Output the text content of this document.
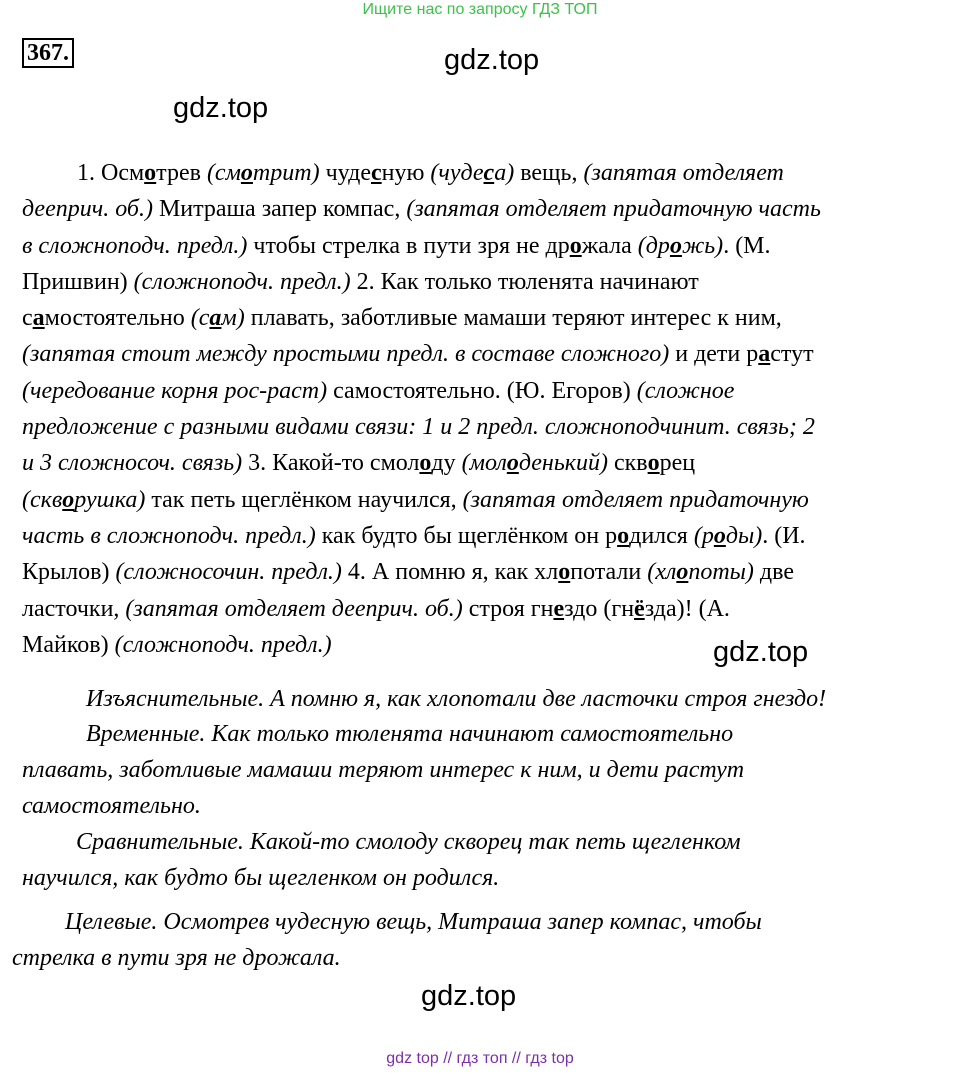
Ищите нас по запросу ГДЗ ТОП
367.	gdz.top
gdz.top
gdz.top
gdz.top
1. Осмотрев (смотрит) чудесную (чудеса) вещь, (запятая отделяет
деeприч. об.) Митраша запер компас, (запятая отделяет придаточную часть
в сложноподч. предл.) чтобы стрелка в пути зря не дрожала (дрожь). (М.
Пришвин) (сложноподч. предл.) 2. Как только тюленята начинают
самостоятельно (сам) плавать, заботливые мамаши теряют интерес к ним,
(запятая стоит между простыми предл. в составе сложного) и дети растут
(чередование корня рос-раст) самостоятельно. (Ю. Егоров) (сложное
предложение с разными видами связи: 1 и 2 предл. сложноподчинит. связь; 2
и 3 сложносоч. связь) 3. Какой-то смолоду (молоденький) скворец
(скворушка) так петь щеглёнком научился, (запятая отделяет придаточную
часть в сложноподч. предл.) как будто бы щеглёнком он родился (роды). (И.
Крылов) (сложносочин. предл.) 4. А помню я, как хлопотали (хлопоты) две
ласточки, (запятая отделяет деeприч. об.) строя гнездо (гнёзда)! (А.
Майков) (сложноподч. предл.)
Изъяснительные. А помню я, как хлопотали две ласточки строя гнездо!
Временные. Как только тюленята начинают самостоятельно
плавать, заботливые мамаши теряют интерес к ним, и дети растут
самостоятельно.
Сравнительные. Какой-то смолоду скворец так петь щегленком
научился, как будто бы щегленком он родился.
Целевые. Осмотрев чудесную вещь, Митраша запер компас, чтобы
стрелка в пути зря не дрожала.
gdz top // гдз топ // гдз top
